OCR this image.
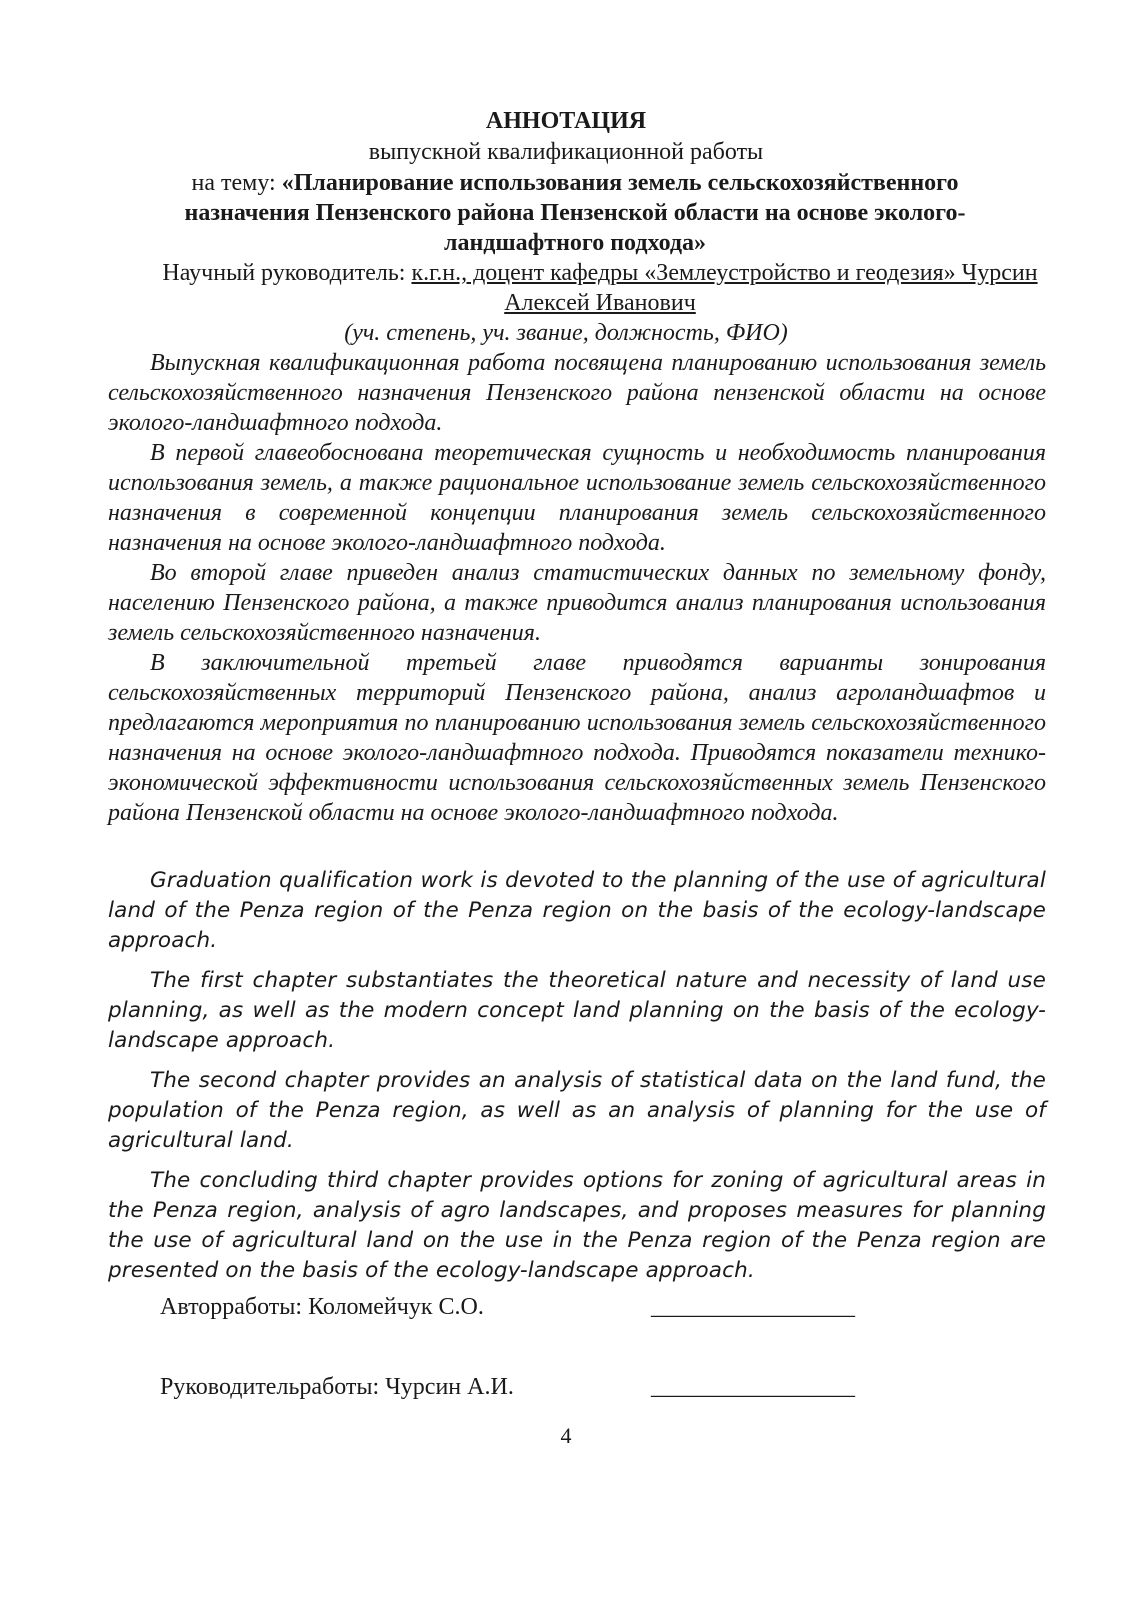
АННОТАЦИЯ
выпускной квалификационной работы
на тему: «Планирование использования земель сельскохозяйственного назначения Пензенского района Пензенской области на основе эколого-ландшафтного подхода»
Научный руководитель: к.г.н., доцент кафедры «Землеустройство и геодезия» Чурсин Алексей Иванович
(уч. степень, уч. звание, должность, ФИО)

Выпускная квалификационная работа посвящена планированию использования земель сельскохозяйственного назначения Пензенского района пензенской области на основе эколого-ландшафтного подхода.

В первой главеобоснована теоретическая сущность и необходимость планирования использования земель, а также рациональное использование земель сельскохозяйственного назначения в современной концепции планирования земель сельскохозяйственного назначения на основе эколого-ландшафтного подхода.

Во второй главе приведен анализ статистических данных по земельному фонду, населению Пензенского района, а также приводится анализ планирования использования земель сельскохозяйственного назначения.

В заключительной третьей главе приводятся варианты зонирования сельскохозяйственных территорий Пензенского района, анализ агроландшафтов и предлагаются мероприятия по планированию использования земель сельскохозяйственного назначения на основе эколого-ландшафтного подхода. Приводятся показатели технико-экономической эффективности использования сельскохозяйственных земель Пензенского района Пензенской области на основе эколого-ландшафтного подхода.

Graduation qualification work is devoted to the planning of the use of agricultural land of the Penza region of the Penza region on the basis of the ecology-landscape approach.

The first chapter substantiates the theoretical nature and necessity of land use planning, as well as the modern concept land planning on the basis of the ecology-landscape approach.

The second chapter provides an analysis of statistical data on the land fund, the population of the Penza region, as well as an analysis of planning for the use of agricultural land.

The concluding third chapter provides options for zoning of agricultural areas in the Penza region, analysis of agro landscapes, and proposes measures for planning the use of agricultural land on the use in the Penza region of the Penza region are presented on the basis of the ecology-landscape approach.

Авторработы: Коломейчук С.О.	_________________
Руководительработы: Чурсин А.И.	_________________
4
